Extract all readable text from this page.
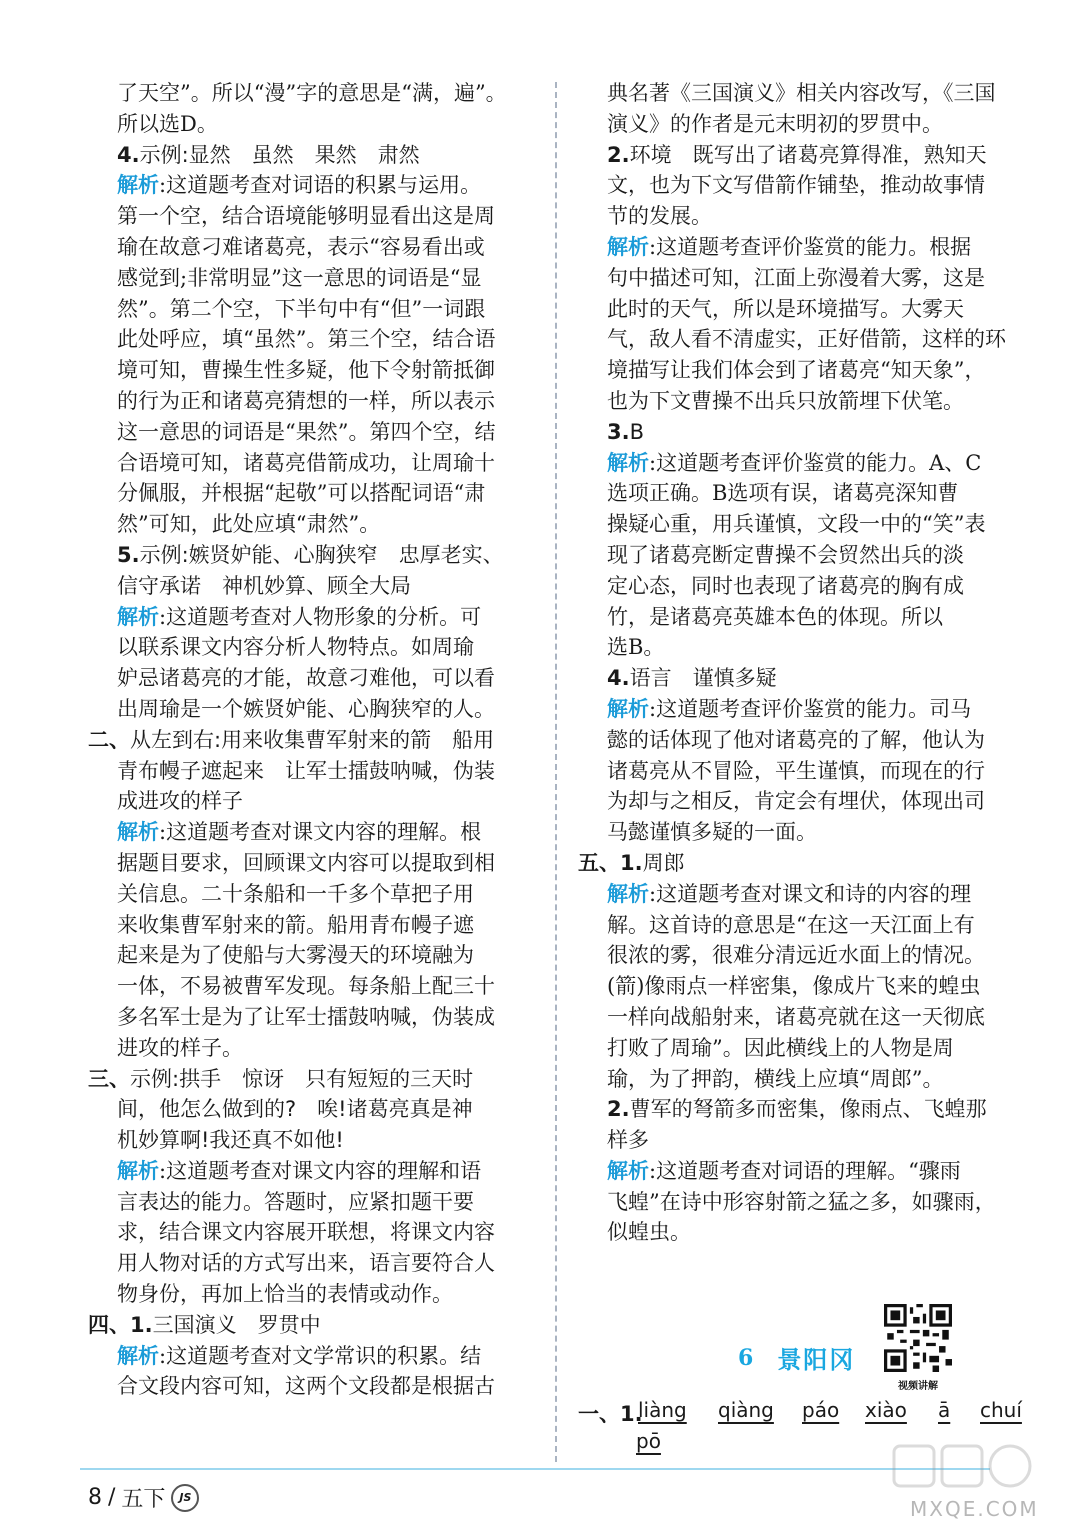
了天空”。所以“漫”字的意思是“满，遍”。

所以选D。

4.示例:显然　虽然　果然　肃然

解析:这道题考查对词语的积累与运用。

第一个空，结合语境能够明显看出这是周

瑜在故意刁难诸葛亮，表示“容易看出或

感觉到;非常明显”这一意思的词语是“显

然”。第二个空，下半句中有“但”一词跟

此处呼应，填“虽然”。第三个空，结合语

境可知，曹操生性多疑，他下令射箭抵御

的行为正和诸葛亮猜想的一样，所以表示

这一意思的词语是“果然”。第四个空，结

合语境可知，诸葛亮借箭成功，让周瑜十

分佩服，并根据“起敬”可以搭配词语“肃

然”可知，此处应填“肃然”。

5.示例:嫉贤妒能、心胸狭窄　忠厚老实、

信守承诺　神机妙算、顾全大局

解析:这道题考查对人物形象的分析。可

以联系课文内容分析人物特点。如周瑜

妒忌诸葛亮的才能，故意刁难他，可以看

出周瑜是一个嫉贤妒能、心胸狭窄的人。

二、从左到右:用来收集曹军射来的箭　船用

青布幔子遮起来　让军士擂鼓呐喊，伪装

成进攻的样子

解析:这道题考查对课文内容的理解。根

据题目要求，回顾课文内容可以提取到相

关信息。二十条船和一千多个草把子用

来收集曹军射来的箭。船用青布幔子遮

起来是为了使船与大雾漫天的环境融为

一体，不易被曹军发现。每条船上配三十

多名军士是为了让军士擂鼓呐喊，伪装成

进攻的样子。

三、示例:拱手　惊讶　只有短短的三天时

间，他怎么做到的?　唉!诸葛亮真是神

机妙算啊!我还真不如他!

解析:这道题考查对课文内容的理解和语

言表达的能力。答题时，应紧扣题干要

求，结合课文内容展开联想，将课文内容

用人物对话的方式写出来，语言要符合人

物身份，再加上恰当的表情或动作。

四、1.三国演义　罗贯中

解析:这道题考查对文学常识的积累。结

合文段内容可知，这两个文段都是根据古

典名著《三国演义》相关内容改写，《三国

演义》的作者是元末明初的罗贯中。

2.环境　既写出了诸葛亮算得准，熟知天

文，也为下文写借箭作铺垫，推动故事情

节的发展。

解析:这道题考查评价鉴赏的能力。根据

句中描述可知，江面上弥漫着大雾，这是

此时的天气，所以是环境描写。大雾天

气，敌人看不清虚实，正好借箭，这样的环

境描写让我们体会到了诸葛亮“知天象”，

也为下文曹操不出兵只放箭埋下伏笔。

3.B

解析:这道题考查评价鉴赏的能力。A、C

选项正确。B选项有误，诸葛亮深知曹

操疑心重，用兵谨慎，文段一中的“笑”表

现了诸葛亮断定曹操不会贸然出兵的淡

定心态，同时也表现了诸葛亮的胸有成

竹，是诸葛亮英雄本色的体现。所以

选B。

4.语言　谨慎多疑

解析:这道题考查评价鉴赏的能力。司马

懿的话体现了他对诸葛亮的了解，他认为

诸葛亮从不冒险，平生谨慎，而现在的行

为却与之相反，肯定会有埋伏，体现出司

马懿谨慎多疑的一面。

五、1.周郎

解析:这道题考查对课文和诗的内容的理

解。这首诗的意思是“在这一天江面上有

很浓的雾，很难分清远近水面上的情况。

(箭)像雨点一样密集，像成片飞来的蝗虫

一样向战船射来，诸葛亮就在这一天彻底

打败了周瑜”。因此横线上的人物是周

瑜，为了押韵，横线上应填“周郎”。

2.曹军的弩箭多而密集，像雨点、飞蝗那

样多

解析:这道题考查对词语的理解。“骤雨

飞蝗”在诗中形容射箭之猛之多，如骤雨，

似蝗虫。

6 景阳冈
视频讲解
一、1.
liàng qiàng páo xiào ā chuí
pō
8 / 五下	JS	MXQE.COM
